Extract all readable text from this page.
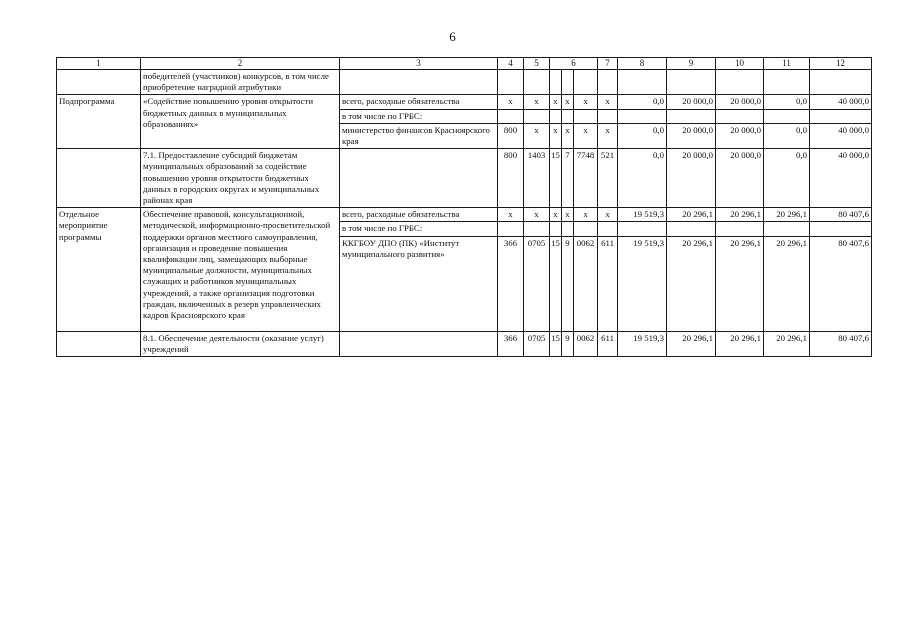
6
1	2	3	4	5	6			7	8	9	10	11	12
	победителей (участников) конкурсов, в том числе приобретение наградной атрибутики												
Подпрограмма	«Содействие повышению уровня открытости бюджетных данных в муниципальных образованиях»	всего, расходные обязательства	х	х	х	х	х	х	0,0	20 000,0	20 000,0	0,0	40 000,0
		в том числе по ГРБС:											
		министерство финансов Красноярского края	800	х	х	х	х	х	0,0	20 000,0	20 000,0	0,0	40 000,0
	7.1. Предоставление субсидий бюджетам муниципальных образований за содействие повышению уровня открытости бюджетных данных в городских округах и муниципальных районах края		800	1403	15	7	7748	521	0,0	20 000,0	20 000,0	0,0	40 000,0
Отдельное мероприятие программы	Обеспечение правовой, консультационной, методической, информационно-просветительской поддержки органов местного самоуправления, организация и проведение повышения квалификации лиц, замещающих выборные муниципальные должности, муниципальных служащих и работников муниципальных учреждений, а также организация подготовки граждан, включенных в резерв управленческих кадров Красноярского края	всего, расходные обязательства	х	х	х	х	х	х	19 519,3	20 296,1	20 296,1	20 296,1	80 407,6
		в том числе по ГРБС:											
		ККГБОУ ДПО (ПК) «Институт муниципального развития»	366	0705	15	9	0062	611	19 519,3	20 296,1	20 296,1	20 296,1	80 407,6
	8.1. Обеспечение деятельности (оказание услуг) учреждений		366	0705	15	9	0062	611	19 519,3	20 296,1	20 296,1	20 296,1	80 407,6
